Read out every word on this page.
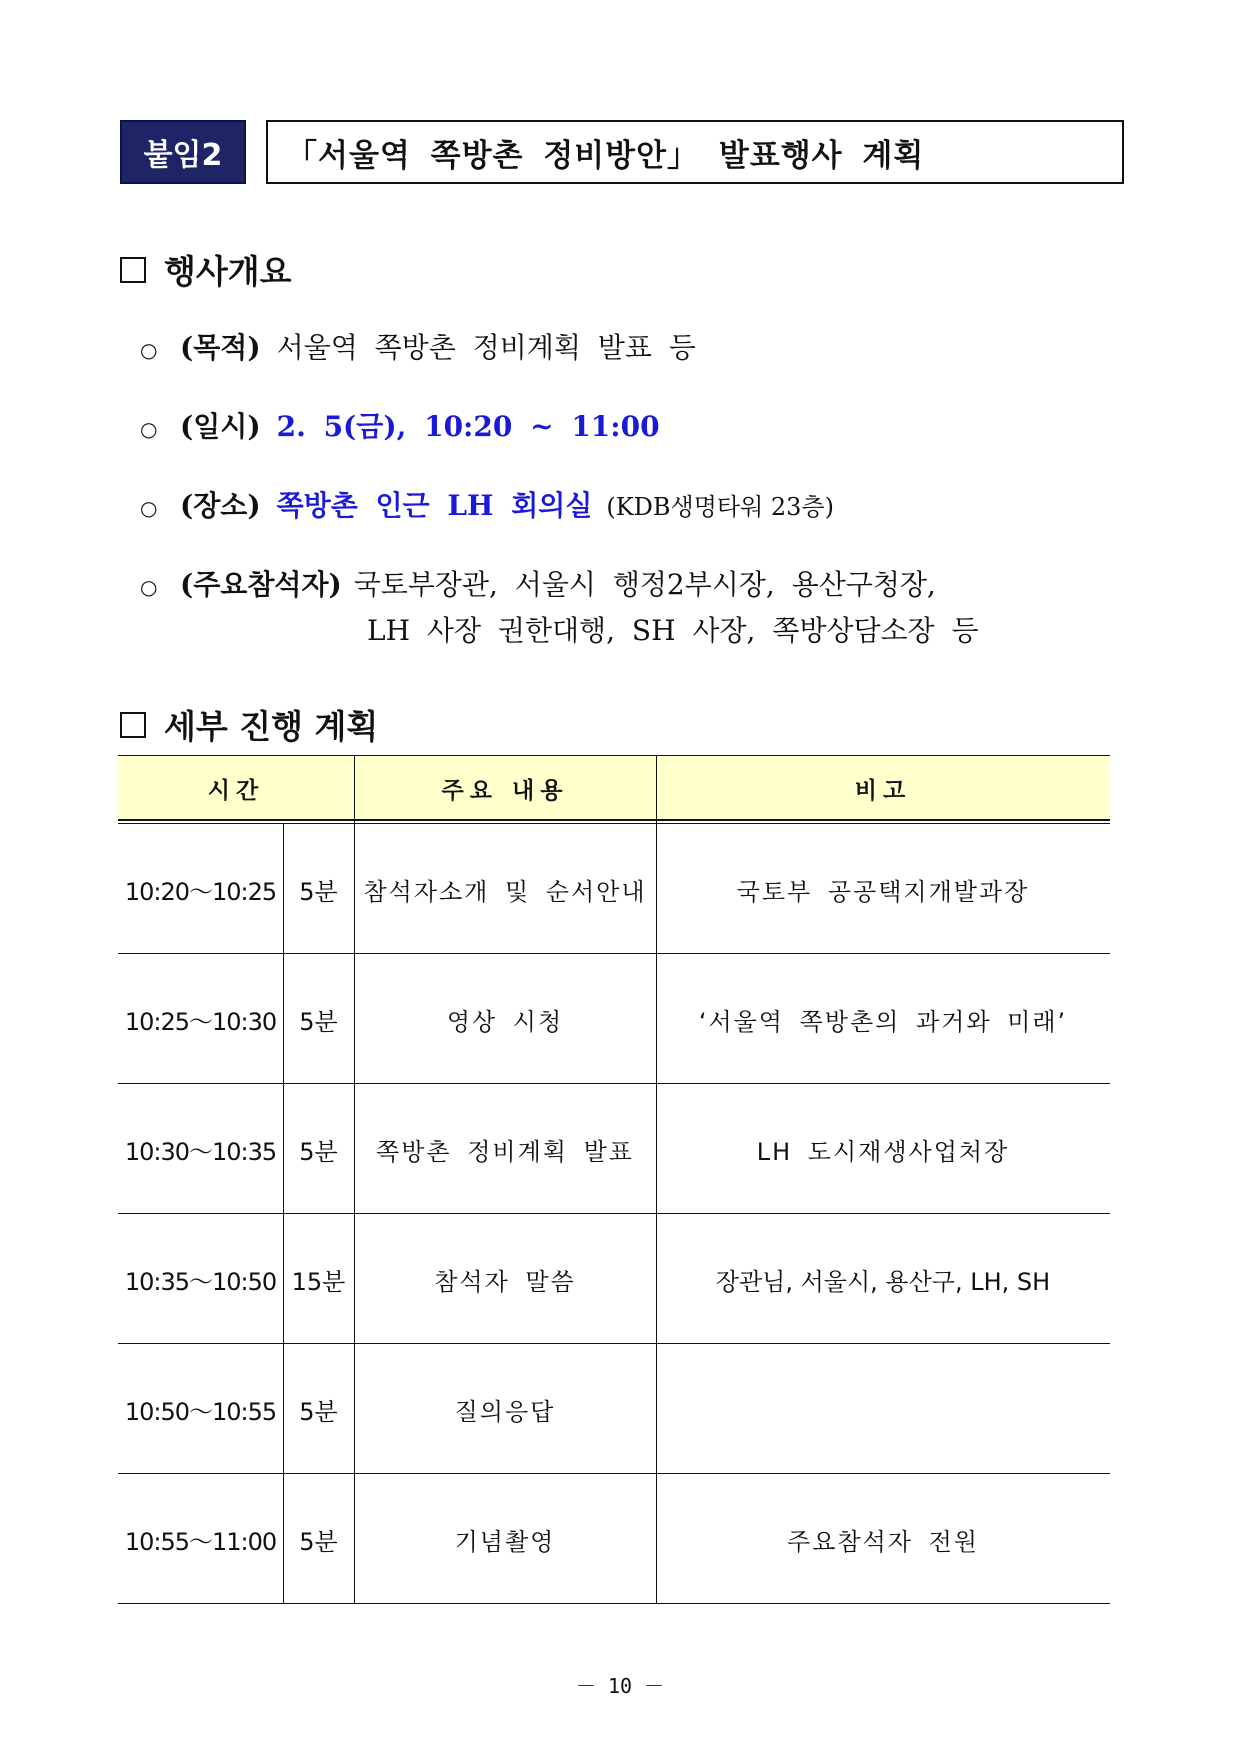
붙임2	「서울역 쪽방촌 정비방안」 발표행사 계획
행사개요
○ (목적) 서울역 쪽방촌 정비계획 발표 등
○ (일시) 2. 5(금), 10:20 ~ 11:00
○ (장소) 쪽방촌 인근 LH 회의실 (KDB생명타워 23층)
○ (주요참석자) 국토부장관, 서울시 행정2부시장, 용산구청장,
LH 사장 권한대행, SH 사장, 쪽방상담소장 등
세부 진행 계획
시간	주요 내용	비고
10:20～10:25 5분	참석자소개 및 순서안내	국토부 공공택지개발과장
10:25～10:30 5분	영상 시청	‘서울역 쪽방촌의 과거와 미래’
10:30～10:35 5분	쪽방촌 정비계획 발표	LH 도시재생사업처장
10:35～10:50 15분	참석자 말씀	장관님, 서울시, 용산구, LH, SH
10:50～10:55 5분	질의응답
10:55～11:00 5분	기념촬영	주요참석자 전원
－ 10 －
